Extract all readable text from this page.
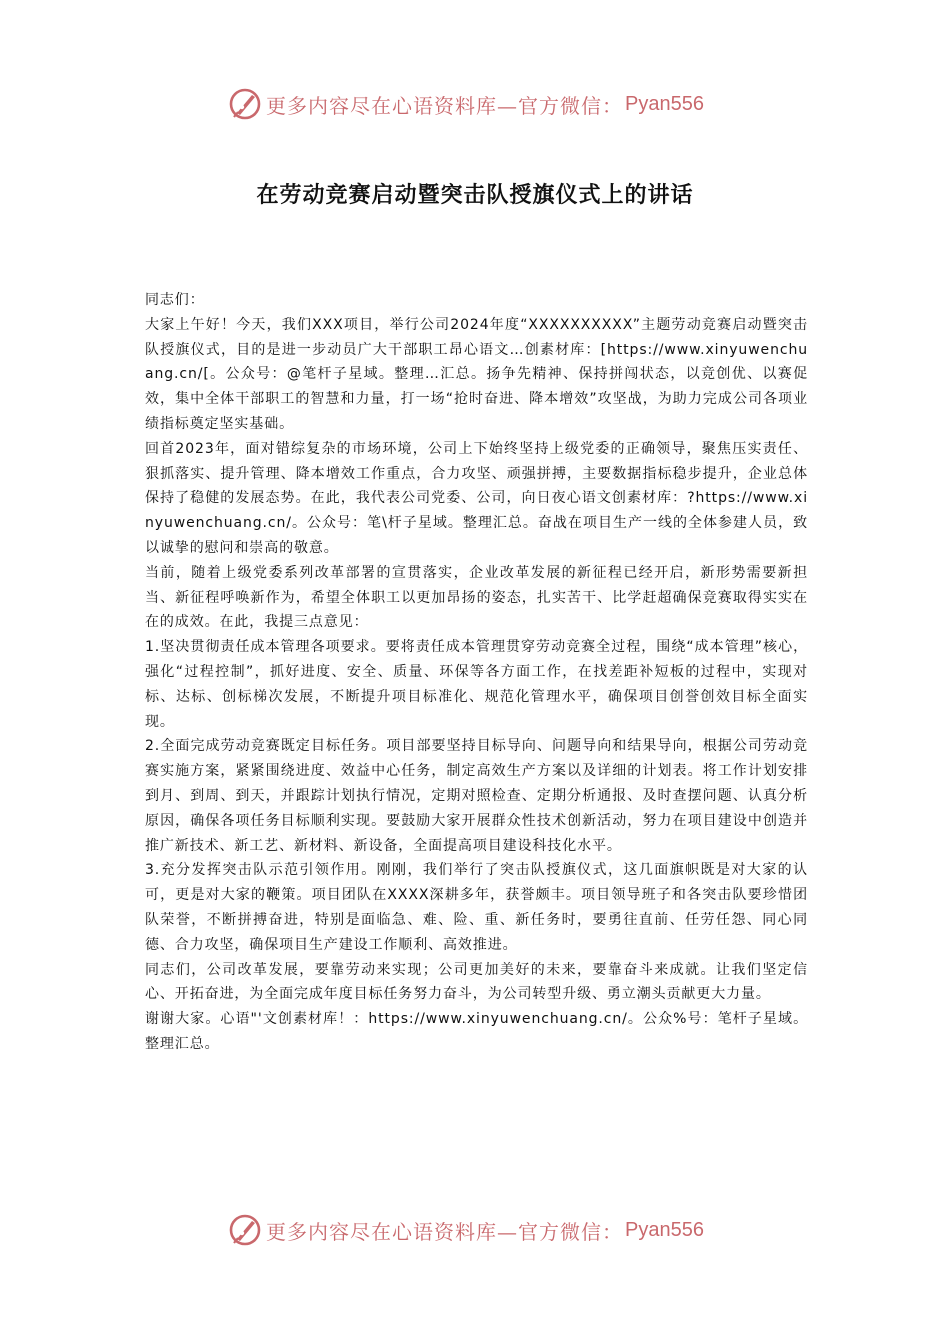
更多内容尽在心语资料库—官方微信： Pyan556
在劳动竞赛启动暨突击队授旗仪式上的讲话

同志们：

大家上午好！今天，我们XXX项目，举行公司2024年度“XXXXXXXXXX”主题劳动竞赛启动暨突击队授旗仪式，目的是进一步动员广大干部职工昂心语文…创素材库：[https://www.xinyuwenchuang.cn/[。公众号：@笔杆子星域。整理…汇总。扬争先精神、保持拼闯状态，以竞创优、以赛促效，集中全体干部职工的智慧和力量，打一场“抢时奋进、降本增效”攻坚战，为助力完成公司各项业绩指标奠定坚实基础。

回首2023年，面对错综复杂的市场环境，公司上下始终坚持上级党委的正确领导，聚焦压实责任、狠抓落实、提升管理、降本增效工作重点，合力攻坚、顽强拼搏，主要数据指标稳步提升，企业总体保持了稳健的发展态势。在此，我代表公司党委、公司，向日夜心语文创素材库：?https://www.xinyuwenchuang.cn/。公众号：笔\杆子星域。整理汇总。奋战在项目生产一线的全体参建人员，致以诚挚的慰问和崇高的敬意。

当前，随着上级党委系列改革部署的宣贯落实，企业改革发展的新征程已经开启，新形势需要新担当、新征程呼唤新作为，希望全体职工以更加昂扬的姿态，扎实苦干、比学赶超确保竞赛取得实实在在的成效。在此，我提三点意见：

1.坚决贯彻责任成本管理各项要求。要将责任成本管理贯穿劳动竞赛全过程，围绕“成本管理”核心，强化“过程控制”，抓好进度、安全、质量、环保等各方面工作，在找差距补短板的过程中，实现对标、达标、创标梯次发展，不断提升项目标准化、规范化管理水平，确保项目创誉创效目标全面实现。

2.全面完成劳动竞赛既定目标任务。项目部要坚持目标导向、问题导向和结果导向，根据公司劳动竞赛实施方案，紧紧围绕进度、效益中心任务，制定高效生产方案以及详细的计划表。将工作计划安排到月、到周、到天，并跟踪计划执行情况，定期对照检查、定期分析通报、及时查摆问题、认真分析原因，确保各项任务目标顺利实现。要鼓励大家开展群众性技术创新活动，努力在项目建设中创造并推广新技术、新工艺、新材料、新设备，全面提高项目建设科技化水平。

3.充分发挥突击队示范引领作用。刚刚，我们举行了突击队授旗仪式，这几面旗帜既是对大家的认可，更是对大家的鞭策。项目团队在XXXX深耕多年，获誉颇丰。项目领导班子和各突击队要珍惜团队荣誉，不断拼搏奋进，特别是面临急、难、险、重、新任务时，要勇往直前、任劳任怨、同心同德、合力攻坚，确保项目生产建设工作顺利、高效推进。

同志们，公司改革发展，要靠劳动来实现；公司更加美好的未来，要靠奋斗来成就。让我们坚定信心、开拓奋进，为全面完成年度目标任务努力奋斗，为公司转型升级、勇立潮头贡献更大力量。

谢谢大家。心语"'文创素材库！：https://www.xinyuwenchuang.cn/。公众%号：笔杆子星域。整理汇总。

更多内容尽在心语资料库—官方微信： Pyan556
